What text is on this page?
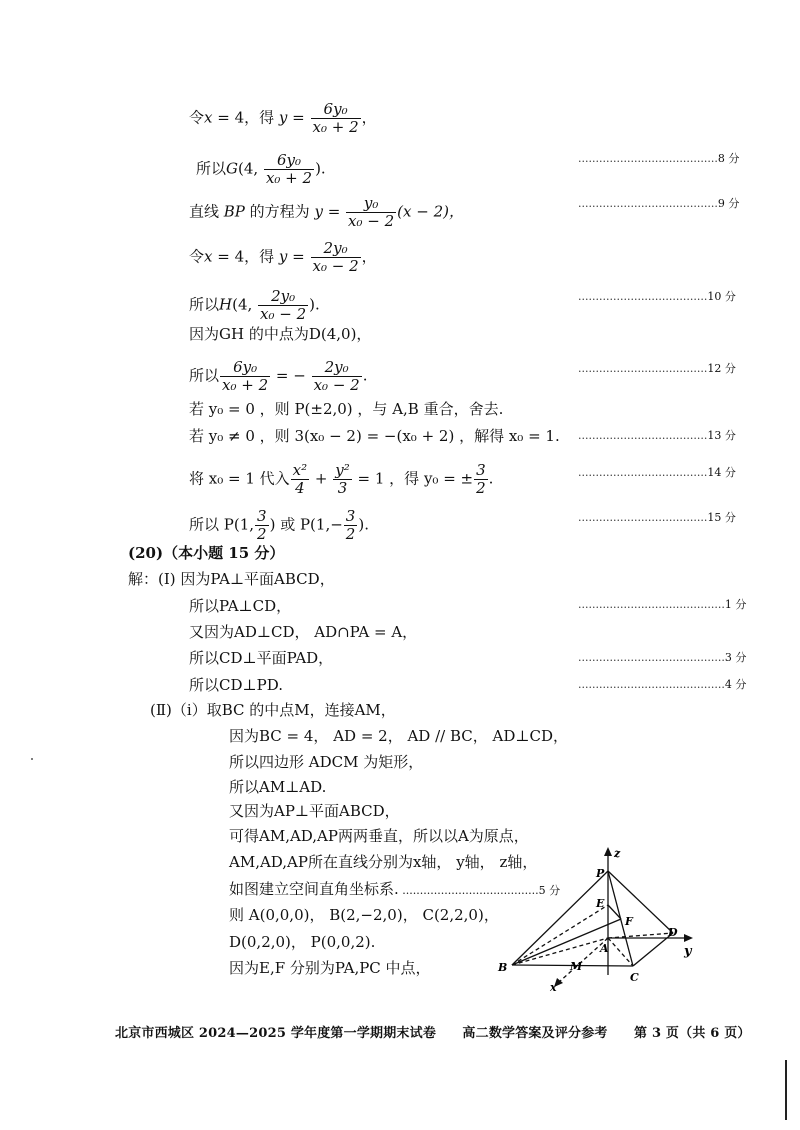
令x = 4，得 $y = \frac{\text{6y₀}}{\text{x₀ + 2}}$ ，
所以G(4, $\frac{\text{6y₀}}{\text{x₀ + 2}}$ ).
........................................8 分
直线 BP 的方程为 $y = \frac{\text{y₀}}{\text{x₀ − 2}} (x - 2)$，	........................................9 分
令x = 4，得 $y = \frac{\text{2y₀}}{\text{x₀ − 2}}$ ，
所以H(4, $\frac{\text{2y₀}}{\text{x₀ − 2}}$ ).	.....................................10 分
因为GH 的中点为D(4,0)，
所以 $\frac{\text{6y₀}}{\text{x₀ + 2}}$ = − $\frac{\text{2y₀}}{\text{x₀ − 2}}$ .	.....................................12 分
若 y₀ = 0 ，则 P(±2,0) ，与 A,B 重合，舍去.
若 y₀ ≠ 0 ，则 3(x₀ − 2) = −(x₀ + 2) ，解得 x₀ = 1. .....................................13 分
将 x₀ = 1 代入 $\frac{\text{x²}}{4} + \frac{\text{y²}}{3} = 1$ ，得 y₀ = ± $\frac{3}{2}$ .	.....................................14 分
所以 P(1, $\frac{3}{2}$ ) 或 $P(1,- \frac{3}{2}$ ).	.....................................15 分
(20)（本小题 15 分）
解：(Ⅰ) 因为PA⊥平面ABCD，
所以PA⊥CD，	..........................................1 分
又因为AD⊥CD， AD∩PA = A，
所以CD⊥平面PAD，	..........................................3 分
所以CD⊥PD.	..........................................4 分
(Ⅱ)（ⅰ）取BC 的中点M，连接AM，
因为BC = 4， AD = 2， AD // BC， AD⊥CD，
所以四边形 ADCM 为矩形，
所以AM⊥AD.
又因为AP⊥平面ABCD，
可得AM,AD,AP两两垂直，所以以A为原点，
AM,AD,AP所在直线分别为x轴， y轴， z轴，
如图建立空间直角坐标系. .......................................5 分
则 A(0,0,0)， B(2,−2,0)， C(2,2,0)，
D(0,2,0)， P(0,0,2).
因为E,F 分别为PA,PC 中点，
z
y
x
P
E
F
A
D
B
C
M
北京市西城区 2024—2025 学年度第一学期期末试卷　　高二数学答案及评分参考　　第 3 页（共 6 页）
